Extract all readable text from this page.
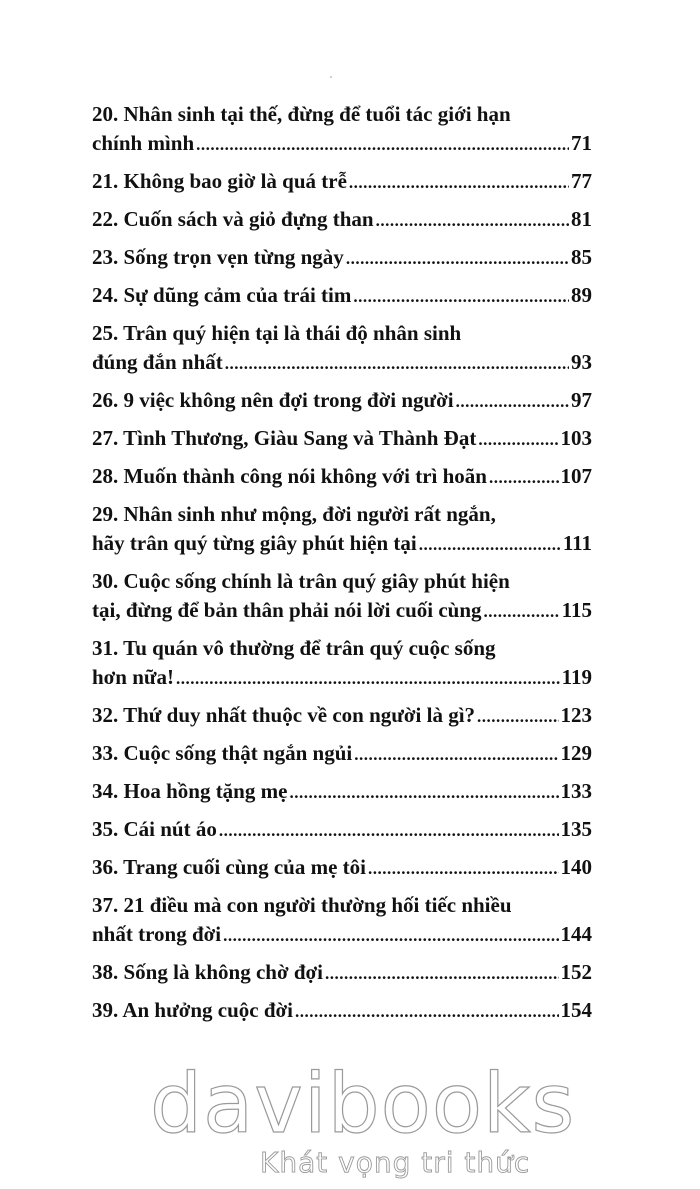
20. Nhân sinh tại thế, đừng để tuổi tác giới hạn
chính mình .....	71
21. Không bao giờ là quá trễ .....	77
22. Cuốn sách và giỏ đựng than .....	81
23. Sống trọn vẹn từng ngày .....	85
24. Sự dũng cảm của trái tim .....	89
25. Trân quý hiện tại là thái độ nhân sinh
đúng đắn nhất .....	93
26. 9 việc không nên đợi trong đời người .....	97
27. Tình Thương, Giàu Sang và Thành Đạt .....	103
28. Muốn thành công nói không với trì hoãn .....	107
29. Nhân sinh như mộng, đời người rất ngắn,
hãy trân quý từng giây phút hiện tại .....	111
30. Cuộc sống chính là trân quý giây phút hiện
tại, đừng để bản thân phải nói lời cuối cùng .....	115
31. Tu quán vô thường để trân quý cuộc sống
hơn nữa! .....	119
32. Thứ duy nhất thuộc về con người là gì? .....	123
33. Cuộc sống thật ngắn ngủi .....	129
34. Hoa hồng tặng mẹ .....	133
35. Cái nút áo .....	135
36. Trang cuối cùng của mẹ tôi .....	140
37. 21 điều mà con người thường hối tiếc nhiều
nhất trong đời .....	144
38. Sống là không chờ đợi .....	152
39. An hưởng cuộc đời .....	154
davibooks
Khát vọng tri thức
